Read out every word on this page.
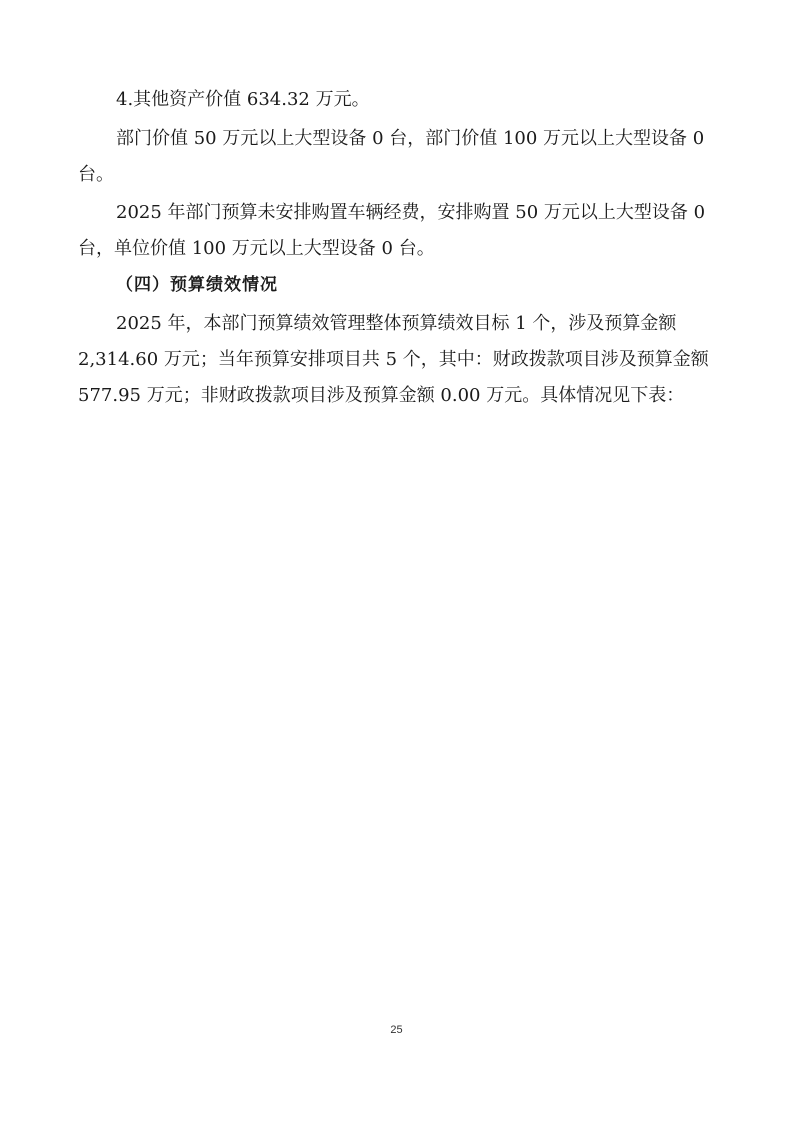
4.其他资产价值 634.32 万元。
部门价值 50 万元以上大型设备 0 台，部门价值 100 万元以上大型设备 0
台。
2025 年部门预算未安排购置车辆经费，安排购置 50 万元以上大型设备 0
台，单位价值 100 万元以上大型设备 0 台。
（四）预算绩效情况
2025 年，本部门预算绩效管理整体预算绩效目标 1 个，涉及预算金额
2,314.60 万元；当年预算安排项目共 5 个，其中：财政拨款项目涉及预算金额
577.95 万元；非财政拨款项目涉及预算金额 0.00 万元。具体情况见下表：
25
